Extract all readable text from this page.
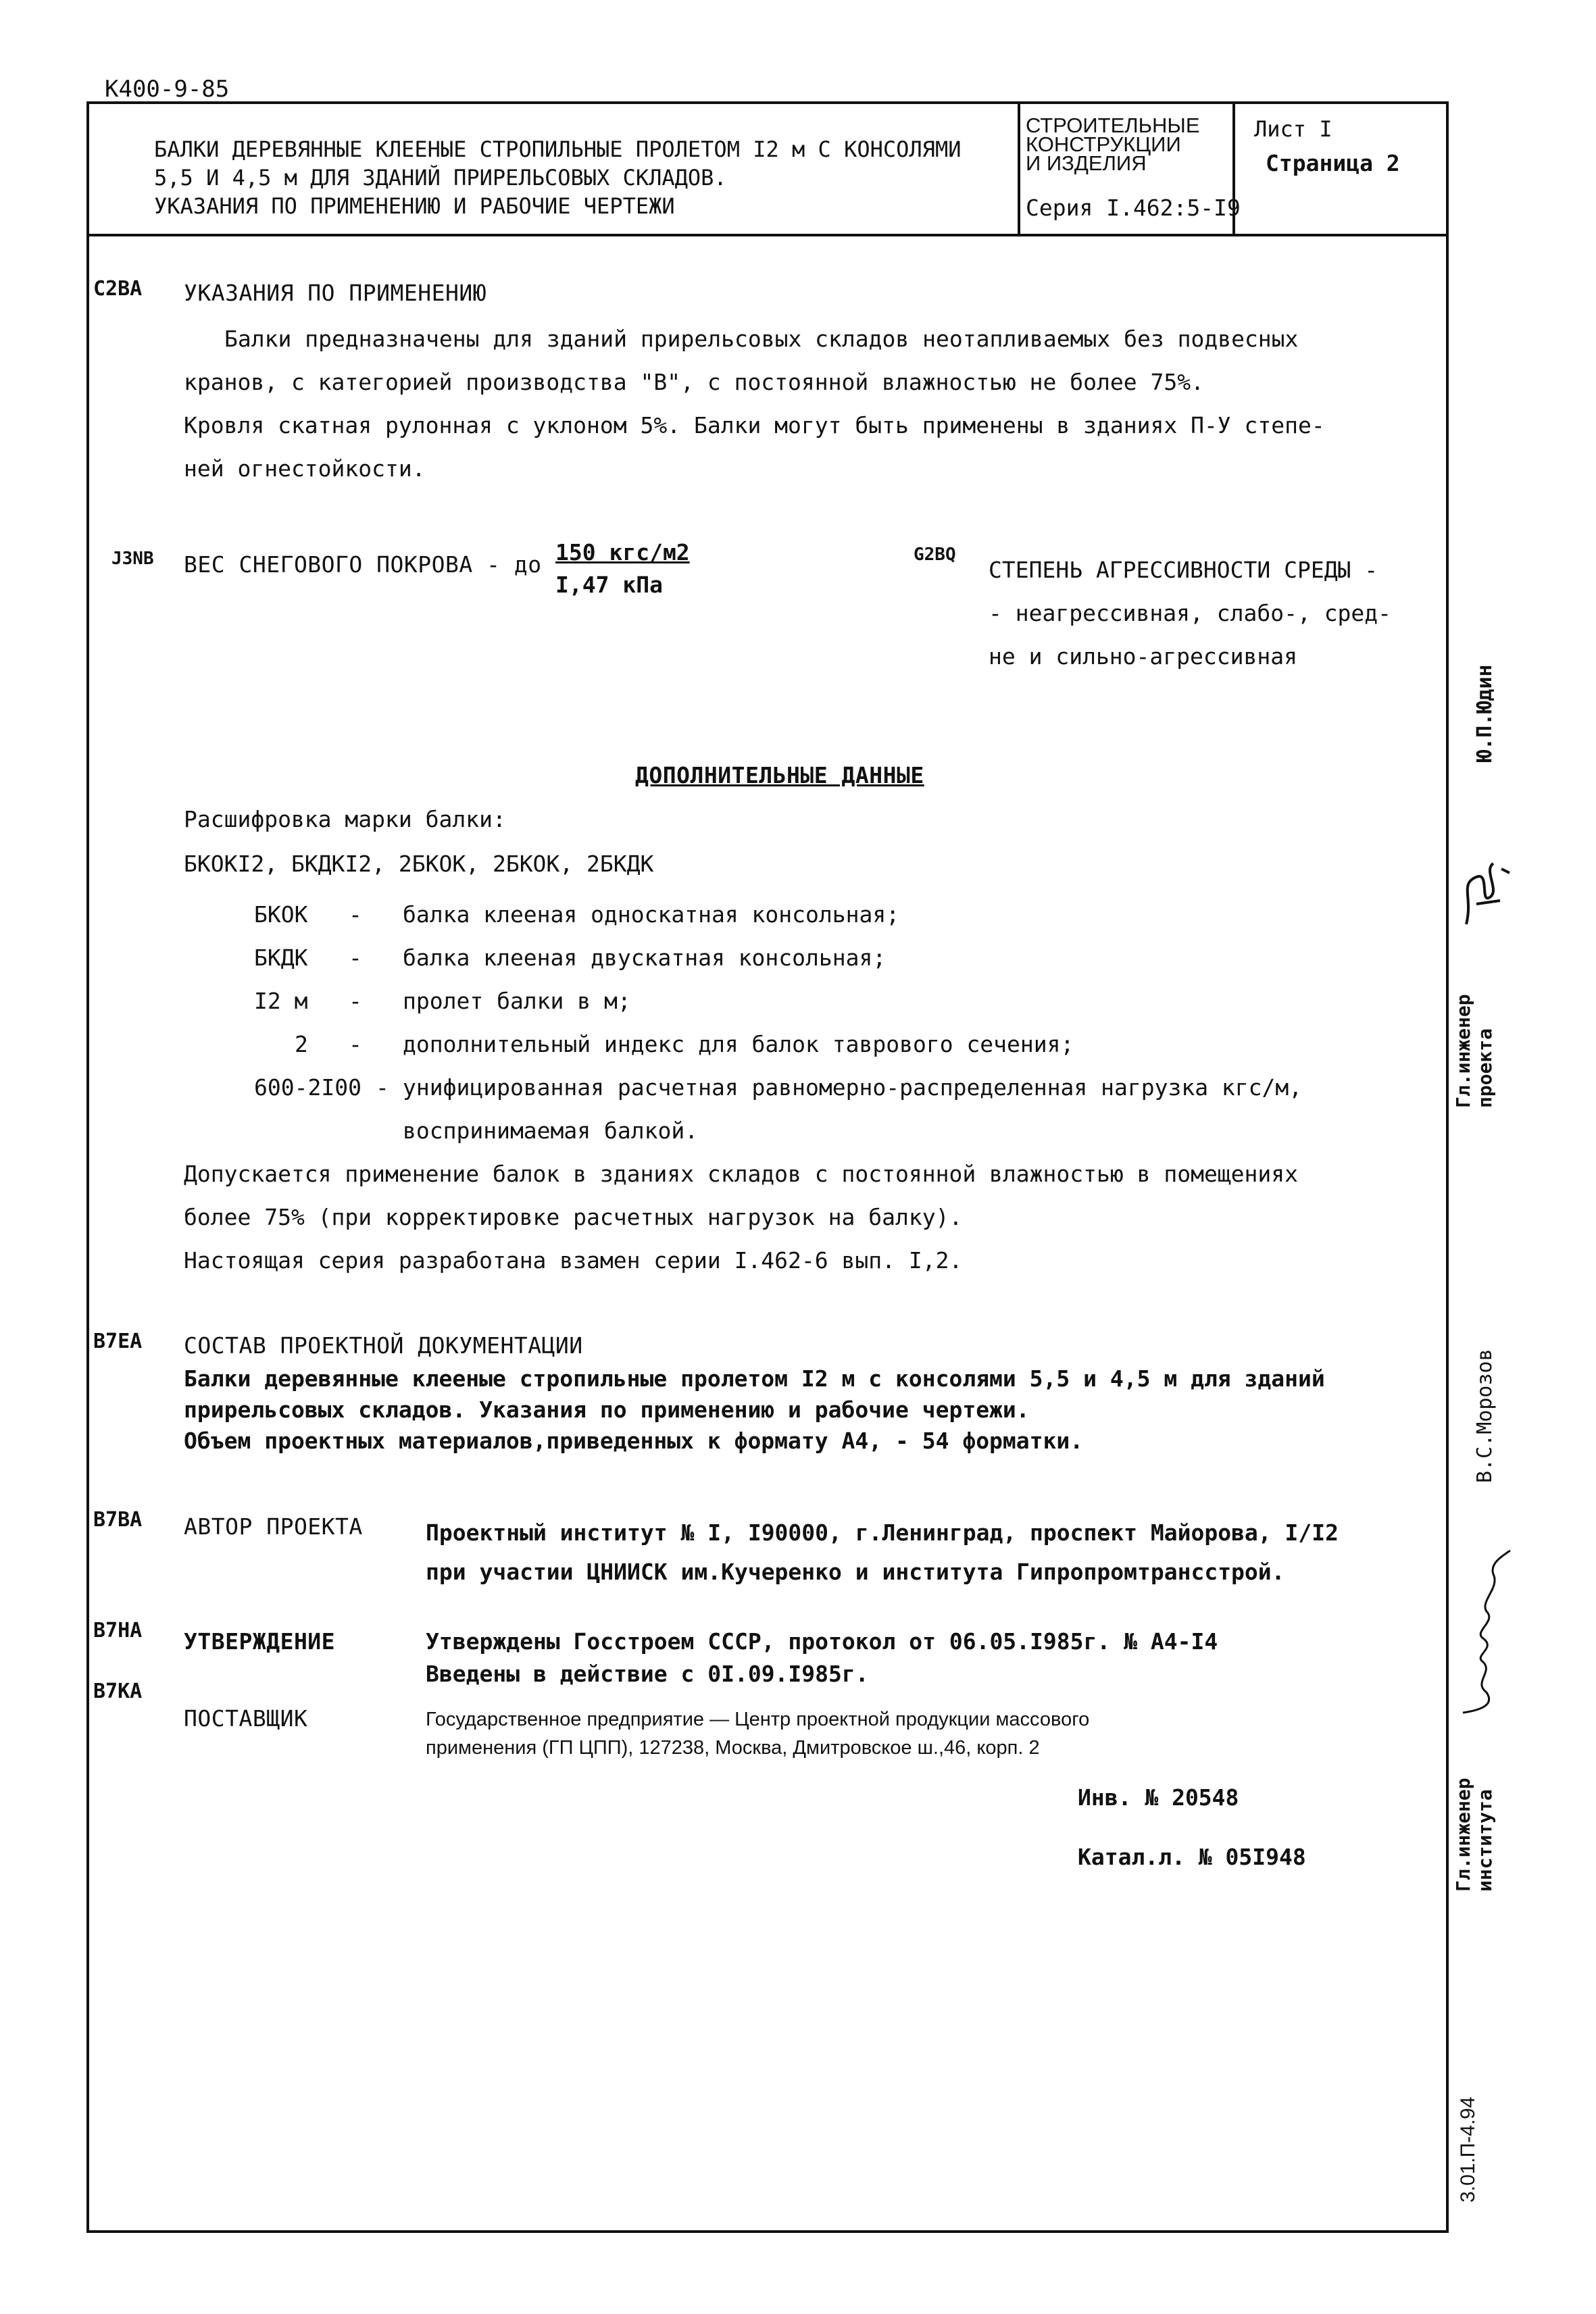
К400-9-85
БАЛКИ ДЕРЕВЯННЫЕ КЛЕЕНЫЕ СТРОПИЛЬНЫЕ ПРОЛЕТОМ I2 м С КОНСОЛЯМИ
5,5 И 4,5 м ДЛЯ ЗДАНИЙ ПРИРЕЛЬСОВЫХ СКЛАДОВ.
УКАЗАНИЯ ПО ПРИМЕНЕНИЮ И РАБОЧИЕ ЧЕРТЕЖИ
СТРОИТЕЛЬНЫЕ
КОНСТРУКЦИИ
И ИЗДЕЛИЯ
Серия I.462:5-I9
Лист I
Страница 2
C2BA УКАЗАНИЯ ПО ПРИМЕНЕНИЮ
Балки предназначены для зданий прирельсовых складов неотапливаемых без подвесных
кранов, с категорией производства "В", с постоянной влажностью не более 75%.
Кровля скатная рулонная с уклоном 5%. Балки могут быть применены в зданиях П-У степе-
ней огнестойкости.
J3NB ВЕС СНЕГОВОГО ПОКРОВА - до 150 кгс/м2
I,47 кПа
G2BQ
СТЕПЕНЬ АГРЕССИВНОСТИ СРЕДЫ -
- неагрессивная, слабо-, сред-
не и сильно-агрессивная
ДОПОЛНИТЕЛЬНЫЕ ДАННЫЕ
Расшифровка марки балки:
БКОКI2, БКДКI2, 2БКОК, 2БКОК, 2БКДК
БКОК - балка клееная односкатная консольная;
БКДК - балка клееная двускатная консольная;
I2 м - пролет балки в м;
2 - дополнительный индекс для балок таврового сечения;
600-2I00 - унифицированная расчетная равномерно-распределенная нагрузка кгс/м,
воспринимаемая балкой.
Допускается применение балок в зданиях складов с постоянной влажностью в помещениях
более 75% (при корректировке расчетных нагрузок на балку).
Настоящая серия разработана взамен серии I.462-6 вып. I,2.
B7EA СОСТАВ ПРОЕКТНОЙ ДОКУМЕНТАЦИИ
Балки деревянные клееные стропильные пролетом I2 м с консолями 5,5 и 4,5 м для зданий
прирельсовых складов. Указания по применению и рабочие чертежи.
Объем проектных материалов,приведенных к формату А4, - 54 форматки.
B7BA АВТОР ПРОЕКТА	Проектный институт № I, I90000, г.Ленинград, проспект Майорова, I/I2
при участии ЦНИИСК им.Кучеренко и института Гипропромтрансстрой.
B7HA УТВЕРЖДЕНИЕ	Утверждены Госстроем СССР, протокол от 06.05.I985г. № А4-I4
Введены в действие с 0I.09.I985г.
B7KA
ПОСТАВЩИК	Государственное предприятие — Центр проектной продукции массового
применения (ГП ЦПП), 127238, Москва, Дмитровское ш.,46, корп. 2
Инв. № 20548
Катал.л. № 05I948
Ю.П.Юдин
Гл.инженер проекта
В.С.Морозов
Гл.инженер института
3.01.П-4.94
